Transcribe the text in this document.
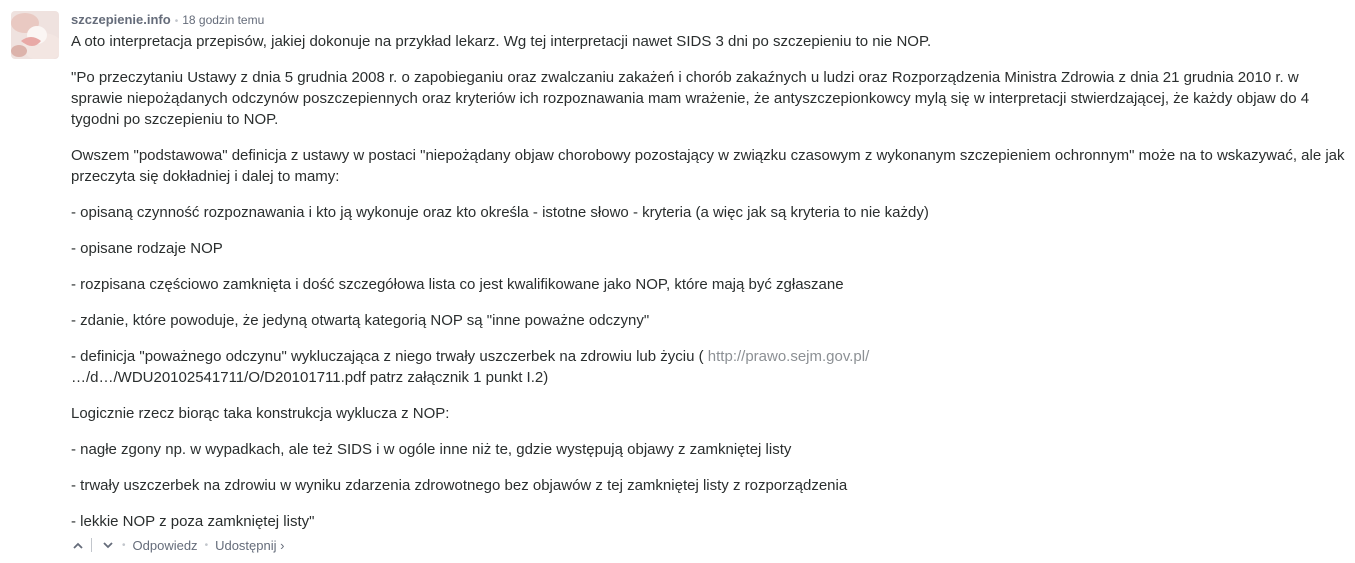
szczepienie.info • 18 godzin temu

A oto interpretacja przepisów, jakiej dokonuje na przykład lekarz. Wg tej interpretacji nawet SIDS 3 dni po szczepieniu to nie NOP.

"Po przeczytaniu Ustawy z dnia 5 grudnia 2008 r. o zapobieganiu oraz zwalczaniu zakażeń i chorób zakaźnych u ludzi oraz Rozporządzenia Ministra Zdrowia z dnia 21 grudnia 2010 r. w sprawie niepożądanych odczynów poszczepiennych oraz kryteriów ich rozpoznawania mam wrażenie, że antyszczepionkowcy mylą się w interpretacji stwierdzającej, że każdy objaw do 4 tygodni po szczepieniu to NOP.

Owszem "podstawowa" definicja z ustawy w postaci "niepożądany objaw chorobowy pozostający w związku czasowym z wykonanym szczepieniem ochronnym" może na to wskazywać, ale jak przeczyta się dokładniej i dalej to mamy:

- opisaną czynność rozpoznawania i kto ją wykonuje oraz kto określa - istotne słowo - kryteria (a więc jak są kryteria to nie każdy)

- opisane rodzaje NOP

- rozpisana częściowo zamknięta i dość szczegółowa lista co jest kwalifikowane jako NOP, które mają być zgłaszane

- zdanie, które powoduje, że jedyną otwartą kategorią NOP są "inne poważne odczyny"

- definicja "poważnego odczynu" wykluczająca z niego trwały uszczerbek na zdrowiu lub życiu ( http://prawo.sejm.gov.pl/
…/d…/WDU20102541711/O/D20101711.pdf patrz załącznik 1 punkt I.2)

Logicznie rzecz biorąc taka konstrukcja wyklucza z NOP:

- nagłe zgony np. w wypadkach, ale też SIDS i w ogóle inne niż te, gdzie występują objawy z zamkniętej listy

- trwały uszczerbek na zdrowiu w wyniku zdarzenia zdrowotnego bez objawów z tej zamkniętej listy z rozporządzenia

- lekkie NOP z poza zamkniętej listy"

• Odpowiedz • Udostępnij ›
